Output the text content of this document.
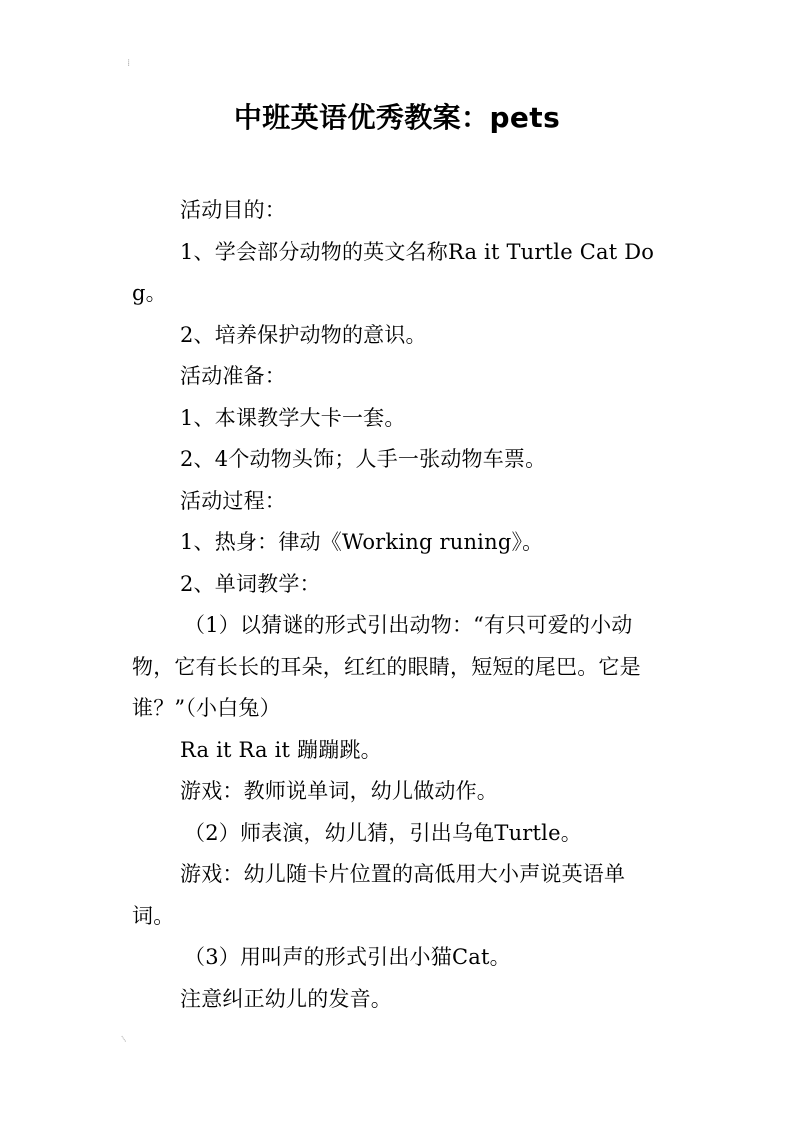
⁞
⁞
中班英语优秀教案：pets

活动目的：

1、学会部分动物的英文名称Ra it Turtle Cat Dog。

2、培养保护动物的意识。

活动准备：

1、本课教学大卡一套。

2、4个动物头饰；人手一张动物车票。

活动过程：

1、热身：律动《Working runing》。

2、单词教学：

（1）以猜谜的形式引出动物：“有只可爱的小动物，它有长长的耳朵，红红的眼睛，短短的尾巴。它是谁？”（小白兔）

Ra it Ra it 蹦蹦跳。

游戏：教师说单词，幼儿做动作。

（2）师表演，幼儿猜，引出乌龟Turtle。

游戏：幼儿随卡片位置的高低用大小声说英语单词。

（3）用叫声的形式引出小猫Cat。

注意纠正幼儿的发音。
